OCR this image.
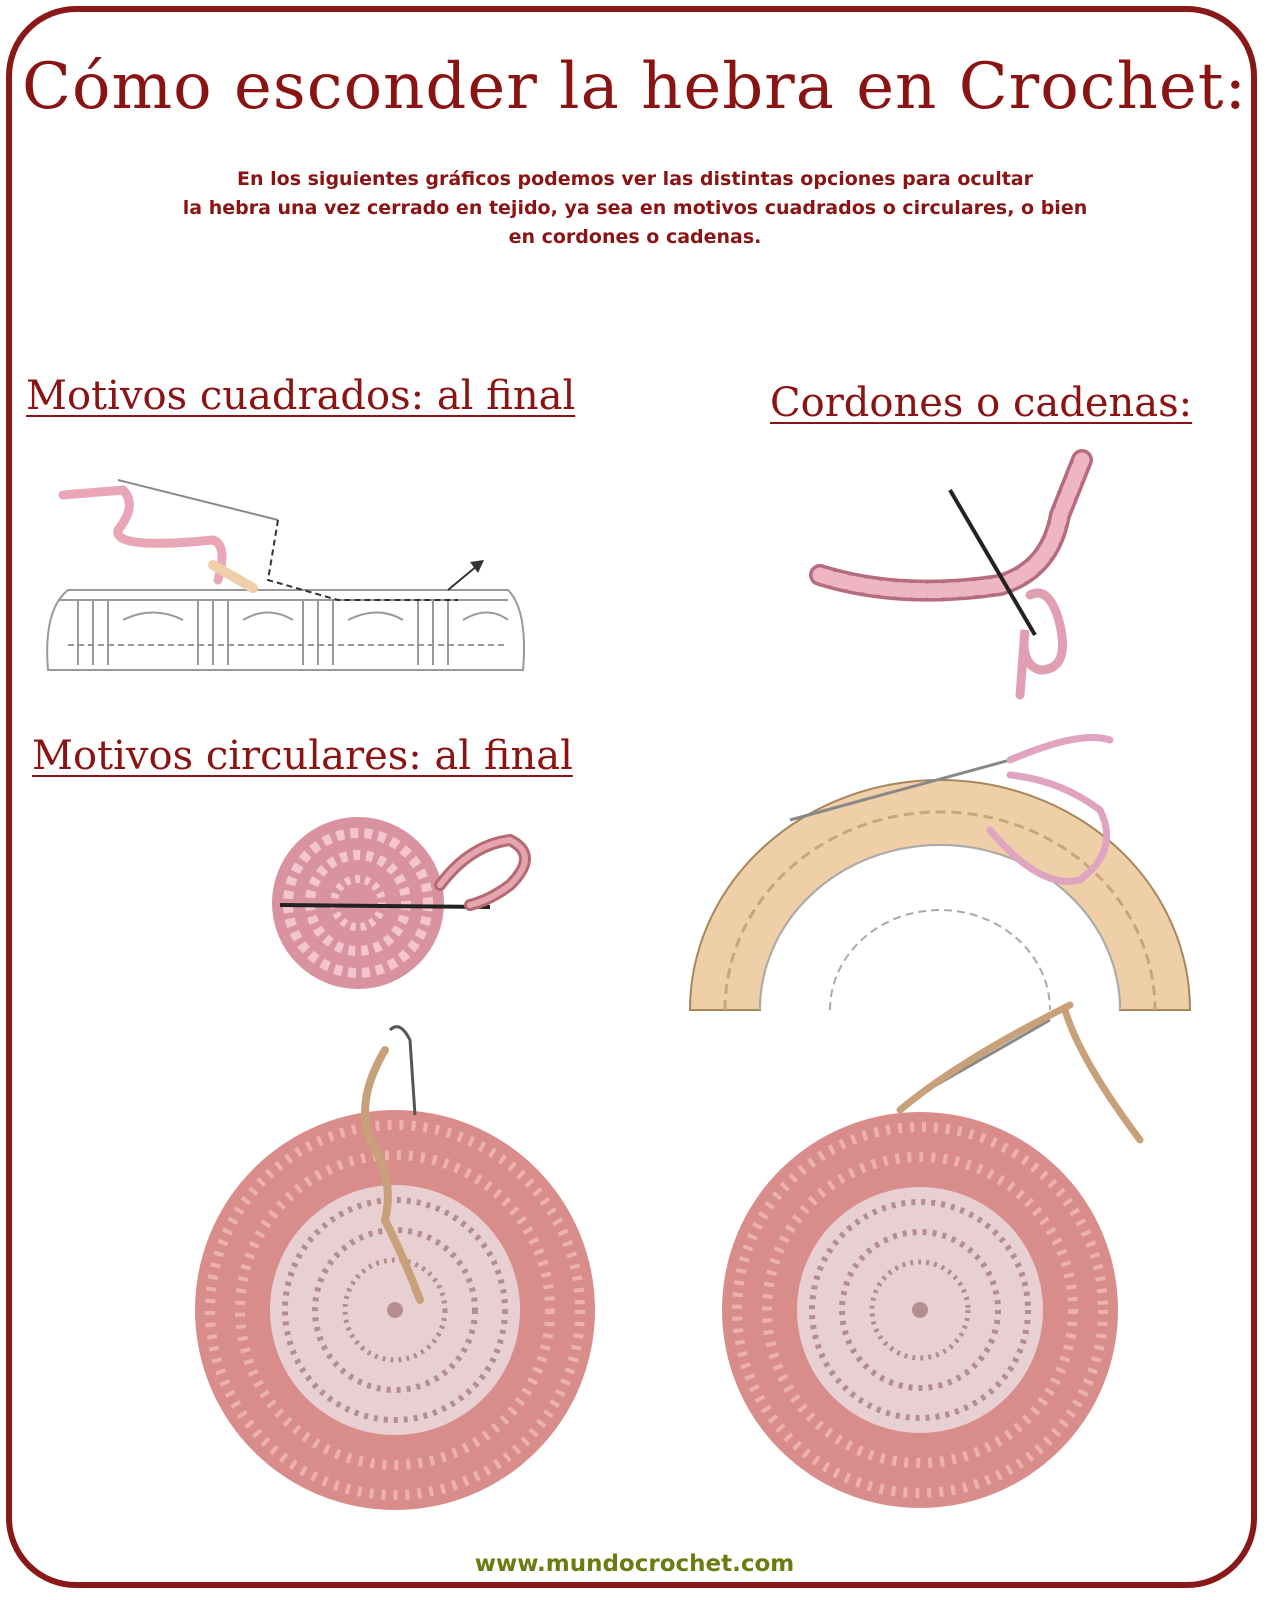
Cómo esconder la hebra en Crochet:

En los siguientes gráficos podemos ver las distintas opciones para ocultar

la hebra una vez cerrado en tejido, ya sea en motivos cuadrados o circulares, o bien

en cordones o cadenas.

Motivos cuadrados: al final	Cordones o cadenas:
Motivos circulares: al final
www.mundocrochet.com
